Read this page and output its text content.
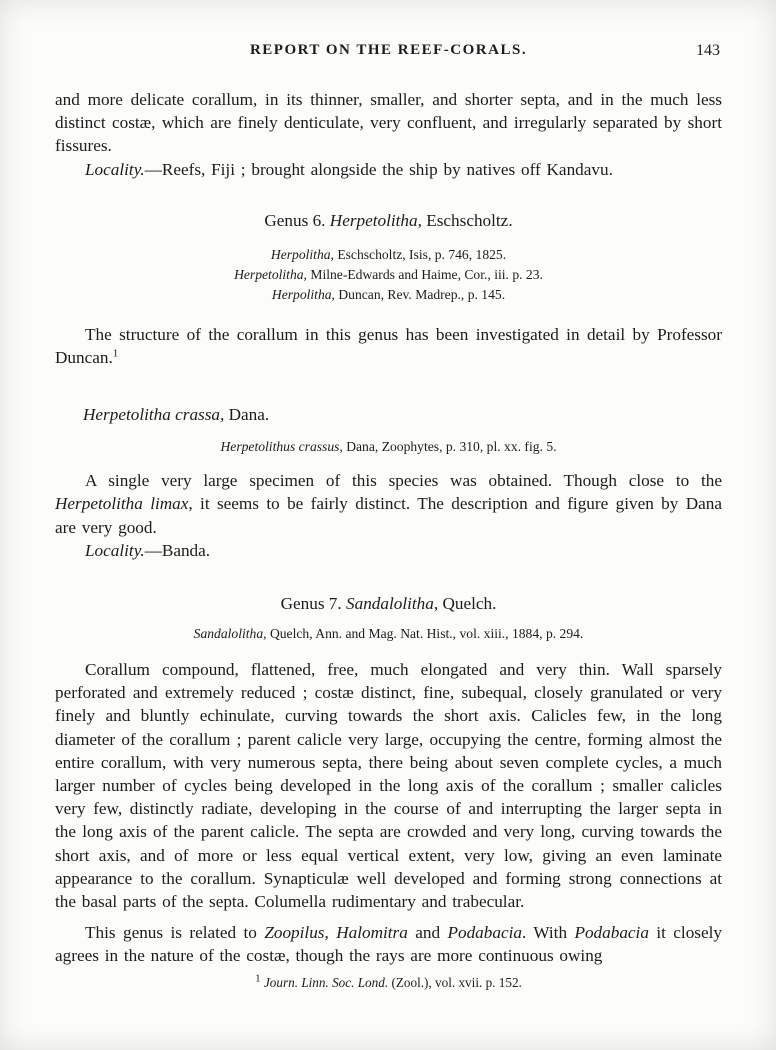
REPORT ON THE REEF-CORALS.	143

and more delicate corallum, in its thinner, smaller, and shorter septa, and in the much less distinct costæ, which are finely denticulate, very confluent, and irregularly separated by short fissures.

Locality.—Reefs, Fiji ; brought alongside the ship by natives off Kandavu.

Genus 6. Herpetolitha, Eschscholtz.

Herpolitha, Eschscholtz, Isis, p. 746, 1825.
Herpetolitha, Milne-Edwards and Haime, Cor., iii. p. 23.
Herpolitha, Duncan, Rev. Madrep., p. 145.

The structure of the corallum in this genus has been investigated in detail by Professor Duncan.$^1$

Herpetolitha crassa, Dana.

Herpetolithus crassus, Dana, Zoophytes, p. 310, pl. xx. fig. 5.

A single very large specimen of this species was obtained. Though close to the Herpetolitha limax, it seems to be fairly distinct. The description and figure given by Dana are very good.

Locality.—Banda.

Genus 7. Sandalolitha, Quelch.

Sandalolitha, Quelch, Ann. and Mag. Nat. Hist., vol. xiii., 1884, p. 294.

Corallum compound, flattened, free, much elongated and very thin. Wall sparsely perforated and extremely reduced ; costæ distinct, fine, subequal, closely granulated or very finely and bluntly echinulate, curving towards the short axis. Calicles few, in the long diameter of the corallum ; parent calicle very large, occupying the centre, forming almost the entire corallum, with very numerous septa, there being about seven complete cycles, a much larger number of cycles being developed in the long axis of the corallum ; smaller calicles very few, distinctly radiate, developing in the course of and interrupting the larger septa in the long axis of the parent calicle. The septa are crowded and very long, curving towards the short axis, and of more or less equal vertical extent, very low, giving an even laminate appearance to the corallum. Synapticulæ well developed and forming strong connections at the basal parts of the septa. Columella rudimentary and trabecular.

This genus is related to Zoopilus, Halomitra and Podabacia. With Podabacia it closely agrees in the nature of the costæ, though the rays are more continuous owing

$^1$ Journ. Linn. Soc. Lond. (Zool.), vol. xvii. p. 152.
